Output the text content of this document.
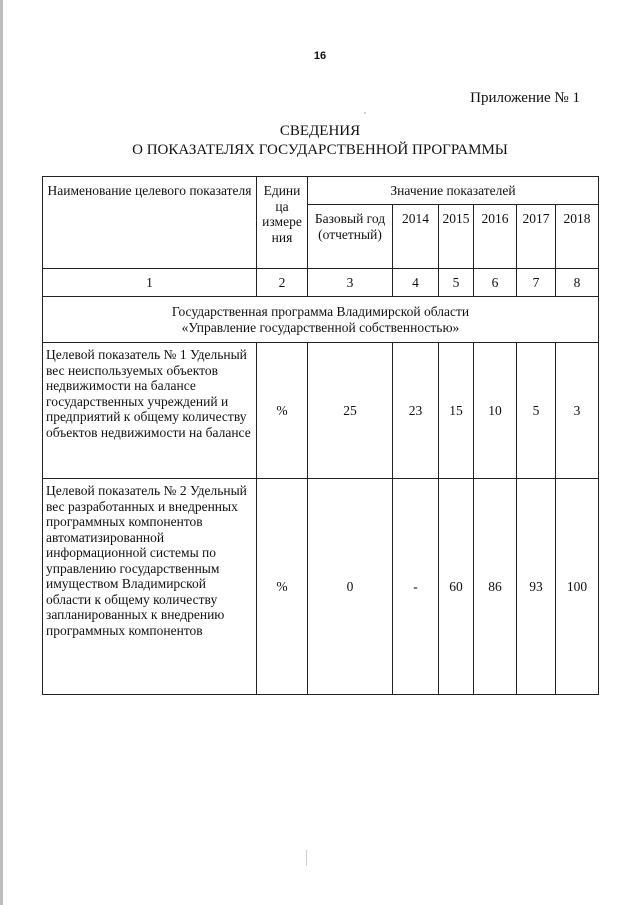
16
Приложение № 1
СВЕДЕНИЯ
О ПОКАЗАТЕЛЯХ ГОСУДАРСТВЕННОЙ ПРОГРАММЫ
Наименование целевого показателя	Едини ца измере ния	Значение показателей					
		Базовый год (отчетный)	2014	2015	2016	2017	2018
1	2	3	4	5	6	7	8

Государственная программа Владимирской области
«Управление государственной собственностью»							

Целевой показатель № 1 Удельный вес неиспользуемых объектов недвижимости на балансе государственных учреждений и предприятий к общему количеству объектов недвижимости на балансе	%	25	23	15	10	5	3
Целевой показатель № 2 Удельный вес разработанных и внедренных программных компонентов автоматизированной информационной системы по управлению государственным имуществом Владимирской области к общему количеству запланированных к внедрению программных компонентов	%	0	-	60	86	93	100
